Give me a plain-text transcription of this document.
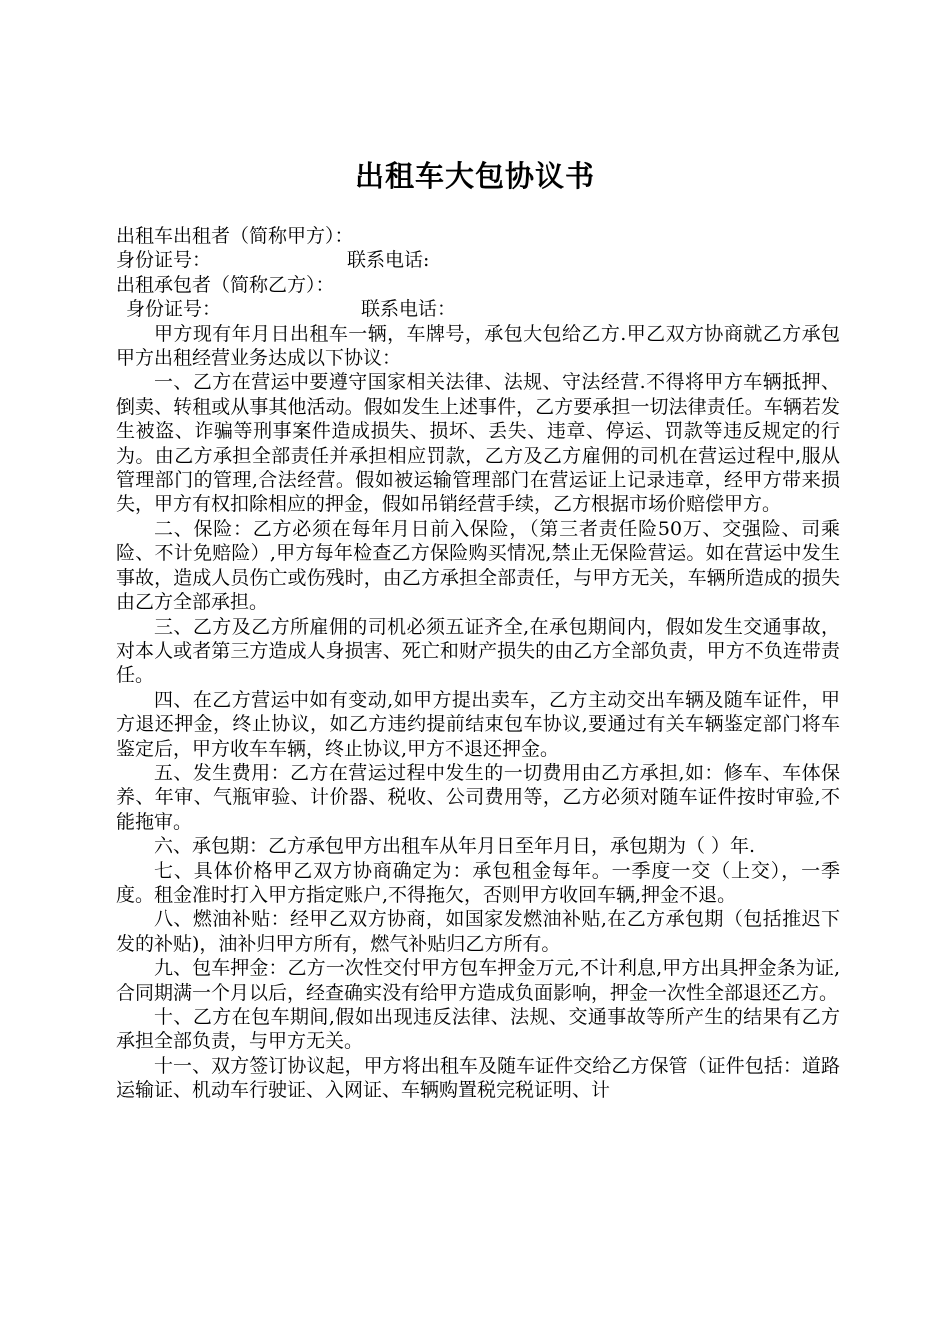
出租车大包协议书
出租车出租者（简称甲方）：
身份证号：	联系电话:
出租承包者（简称乙方）：
身份证号：	联系电话：

甲方现有年月日出租车一辆，车牌号，承包大包给乙方.甲乙双方协商就乙方承包甲方出租经营业务达成以下协议：

一、乙方在营运中要遵守国家相关法律、法规、守法经营.不得将甲方车辆抵押、倒卖、转租或从事其他活动。假如发生上述事件，乙方要承担一切法律责任。车辆若发生被盗、诈骗等刑事案件造成损失、损坏、丢失、违章、停运、罚款等违反规定的行为。由乙方承担全部责任并承担相应罚款，乙方及乙方雇佣的司机在营运过程中,服从管理部门的管理,合法经营。假如被运输管理部门在营运证上记录违章，经甲方带来损失，甲方有权扣除相应的押金，假如吊销经营手续，乙方根据市场价赔偿甲方。

二、保险：乙方必须在每年月日前入保险，（第三者责任险50万、交强险、司乘险、不计免赔险）,甲方每年检查乙方保险购买情况,禁止无保险营运。如在营运中发生事故，造成人员伤亡或伤残时，由乙方承担全部责任，与甲方无关，车辆所造成的损失由乙方全部承担。

三、乙方及乙方所雇佣的司机必须五证齐全,在承包期间内，假如发生交通事故，对本人或者第三方造成人身损害、死亡和财产损失的由乙方全部负责，甲方不负连带责任。

四、在乙方营运中如有变动,如甲方提出卖车，乙方主动交出车辆及随车证件，甲方退还押金，终止协议，如乙方违约提前结束包车协议,要通过有关车辆鉴定部门将车鉴定后，甲方收车车辆，终止协议,甲方不退还押金。

五、发生费用：乙方在营运过程中发生的一切费用由乙方承担,如：修车、车体保养、年审、气瓶审验、计价器、税收、公司费用等，乙方必须对随车证件按时审验,不能拖审。

六、承包期：乙方承包甲方出租车从年月日至年月日，承包期为（ ）年.

七、具体价格甲乙双方协商确定为：承包租金每年。一季度一交（上交），一季度。租金准时打入甲方指定账户,不得拖欠，否则甲方收回车辆,押金不退。

八、燃油补贴：经甲乙双方协商，如国家发燃油补贴,在乙方承包期（包括推迟下发的补贴)，油补归甲方所有，燃气补贴归乙方所有。

九、包车押金：乙方一次性交付甲方包车押金万元,不计利息,甲方出具押金条为证,合同期满一个月以后，经查确实没有给甲方造成负面影响，押金一次性全部退还乙方。

十、乙方在包车期间,假如出现违反法律、法规、交通事故等所产生的结果有乙方承担全部负责，与甲方无关。

十一、双方签订协议起，甲方将出租车及随车证件交给乙方保管（证件包括：道路运输证、机动车行驶证、入网证、车辆购置税完税证明、计
